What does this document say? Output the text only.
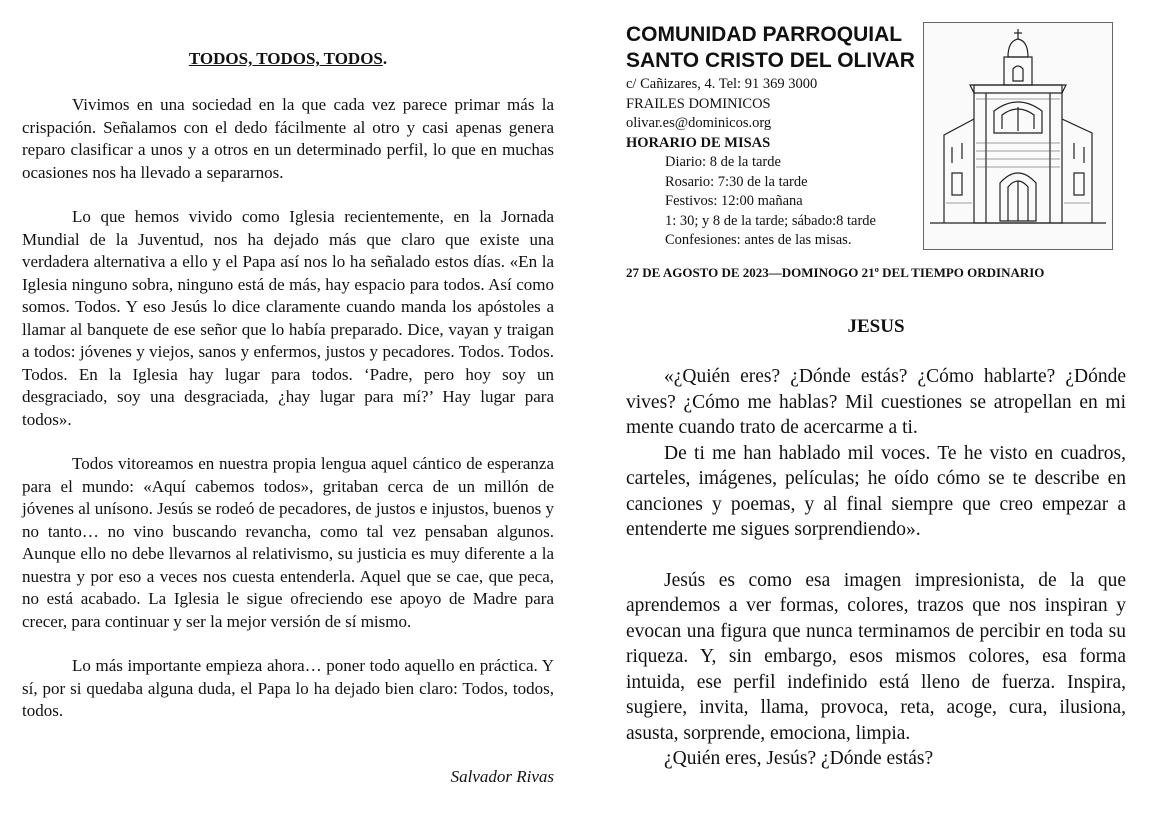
TODOS, TODOS, TODOS.

Vivimos en una sociedad en la que cada vez parece primar más la crispación. Señalamos con el dedo fácilmente al otro y casi apenas genera reparo clasificar a unos y a otros en un determinado perfil, lo que en muchas ocasiones nos ha llevado a separarnos.

Lo que hemos vivido como Iglesia recientemente, en la Jornada Mundial de la Juventud, nos ha dejado más que claro que existe una verdadera alternativa a ello y el Papa así nos lo ha señalado estos días. «En la Iglesia ninguno sobra, ninguno está de más, hay espacio para todos. Así como somos. Todos. Y eso Jesús lo dice claramente cuando manda los apóstoles a llamar al banquete de ese señor que lo había preparado. Dice, vayan y traigan a todos: jóvenes y viejos, sanos y enfermos, justos y pecadores. Todos. Todos. Todos. En la Iglesia hay lugar para todos. ‘Padre, pero hoy soy un desgraciado, soy una desgraciada, ¿hay lugar para mí?’ Hay lugar para todos».

Todos vitoreamos en nuestra propia lengua aquel cántico de esperanza para el mundo: «Aquí cabemos todos», gritaban cerca de un millón de jóvenes al unísono. Jesús se rodeó de pecadores, de justos e injustos, buenos y no tanto… no vino buscando revancha, como tal vez pensaban algunos. Aunque ello no debe llevarnos al relativismo, su justicia es muy diferente a la nuestra y por eso a veces nos cuesta entenderla. Aquel que se cae, que peca, no está acabado. La Iglesia le sigue ofreciendo ese apoyo de Madre para crecer, para continuar y ser la mejor versión de sí mismo.

Lo más importante empieza ahora… poner todo aquello en práctica. Y sí, por si quedaba alguna duda, el Papa lo ha dejado bien claro: Todos, todos, todos.

Salvador Rivas
COMUNIDAD PARROQUIAL
SANTO CRISTO DEL OLIVAR
c/ Cañizares, 4. Tel: 91 369 3000
FRAILES DOMINICOS
olivar.es@dominicos.org
HORARIO DE MISAS
Diario: 8 de la tarde
Rosario: 7:30 de la tarde
Festivos: 12:00 mañana
1: 30; y 8 de la tarde; sábado:8 tarde
Confesiones: antes de las misas.
27 DE AGOSTO DE 2023—DOMINOGO 21º DEL TIEMPO ORDINARIO
JESUS

«¿Quién eres? ¿Dónde estás? ¿Cómo hablarte? ¿Dónde vives? ¿Cómo me hablas? Mil cuestiones se atropellan en mi mente cuando trato de acercarme a ti.

De ti me han hablado mil voces. Te he visto en cuadros, carteles, imágenes, películas; he oído cómo se te describe en canciones y poemas, y al final siempre que creo empezar a entenderte me sigues sorprendiendo».

Jesús es como esa imagen impresionista, de la que aprendemos a ver formas, colores, trazos que nos inspiran y evocan una figura que nunca terminamos de percibir en toda su riqueza. Y, sin embargo, esos mismos colores, esa forma intuida, ese perfil indefinido está lleno de fuerza. Inspira, sugiere, invita, llama, provoca, reta, acoge, cura, ilusiona, asusta, sorprende, emociona, limpia.

¿Quién eres, Jesús? ¿Dónde estás?
